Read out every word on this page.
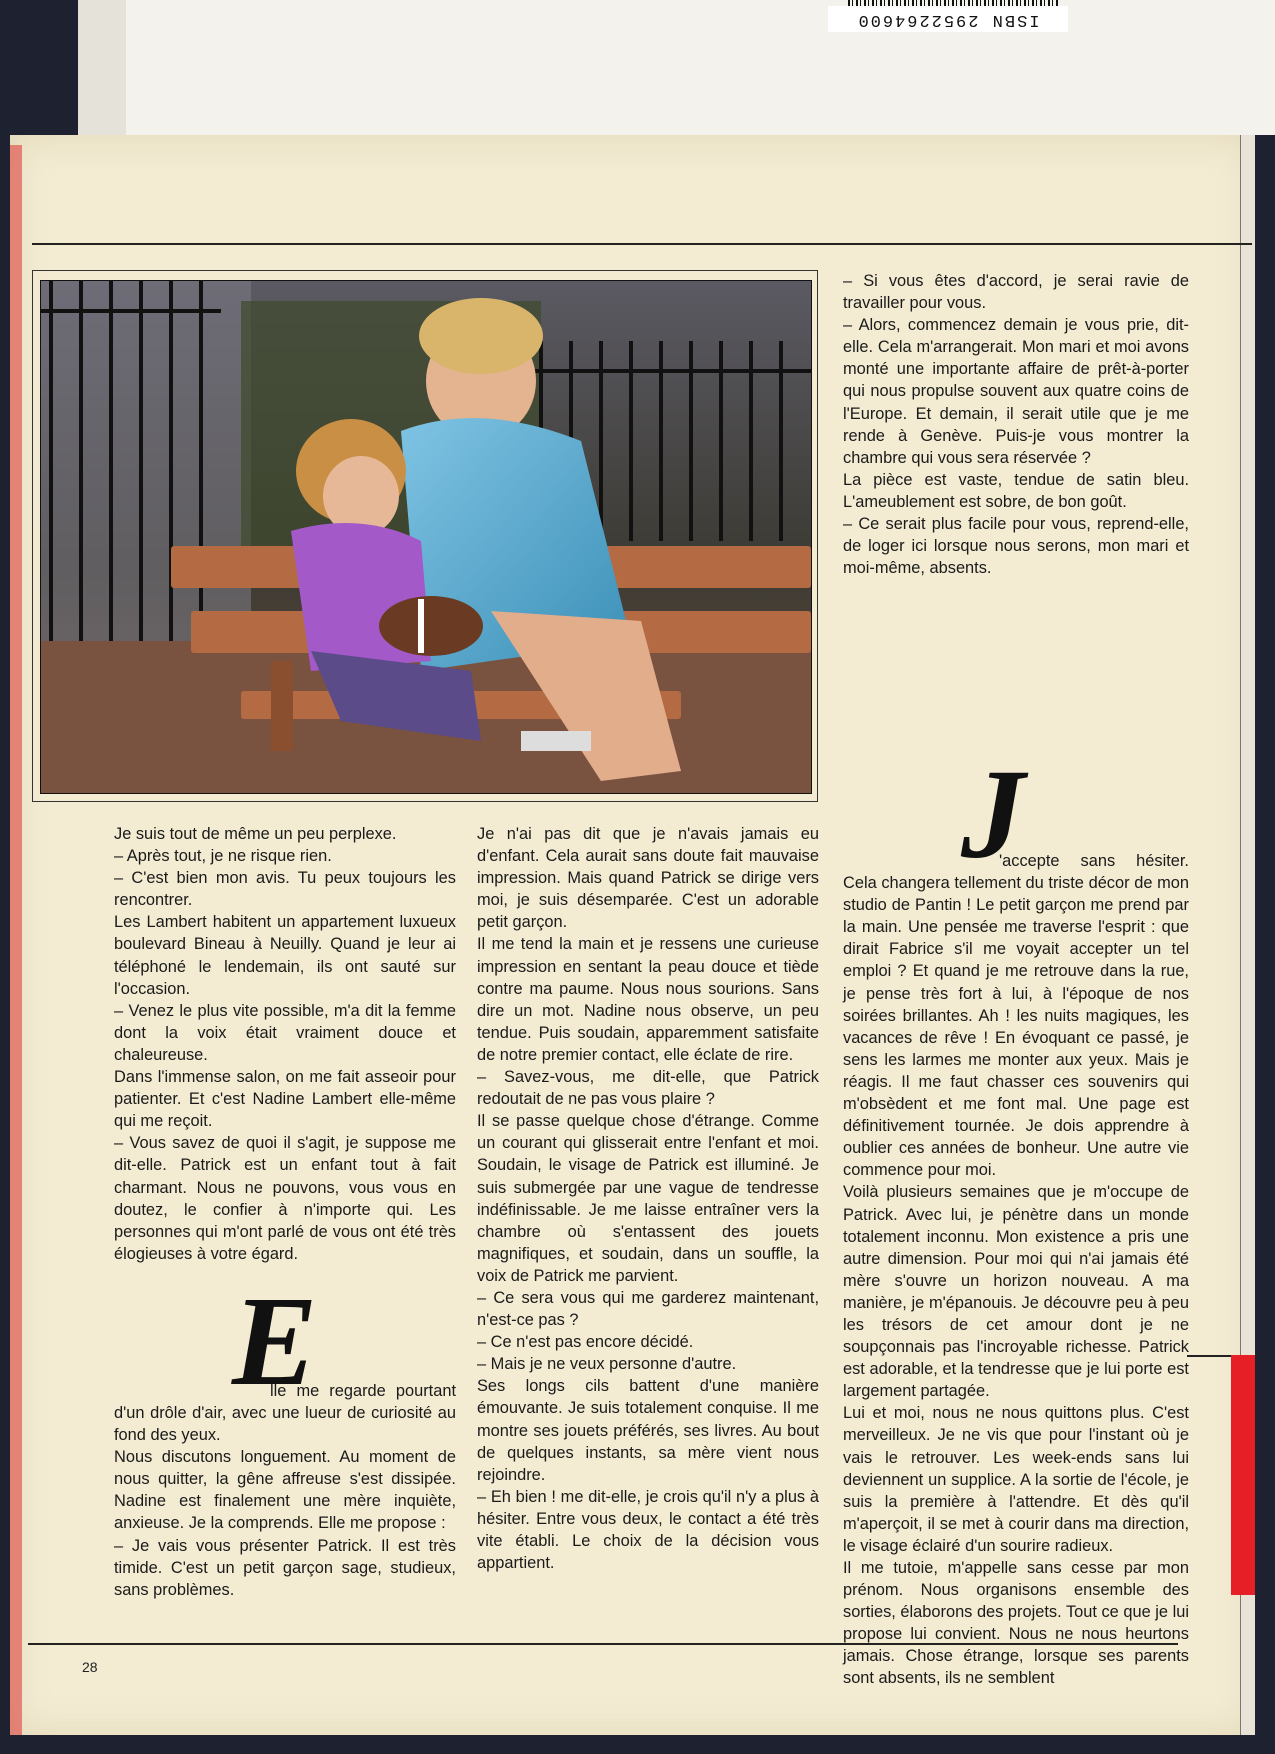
ISBN 2952264600

– Si vous êtes d'accord, je serai ravie de travailler pour vous.

– Alors, commencez demain je vous prie, dit-elle. Cela m'arrangerait. Mon mari et moi avons monté une importante affaire de prêt-à-porter qui nous propulse souvent aux quatre coins de l'Europe. Et demain, il serait utile que je me rende à Genève. Puis-je vous montrer la chambre qui vous sera réservée ?

La pièce est vaste, tendue de satin bleu. L'ameublement est sobre, de bon goût.

– Ce serait plus facile pour vous, reprend-elle, de loger ici lorsque nous serons, mon mari et moi-même, absents.

Je suis tout de même un peu perplexe.

– Après tout, je ne risque rien.

– C'est bien mon avis. Tu peux toujours les rencontrer.

Les Lambert habitent un appartement luxueux boulevard Bineau à Neuilly. Quand je leur ai téléphoné le lendemain, ils ont sauté sur l'occasion.

– Venez le plus vite possible, m'a dit la femme dont la voix était vraiment douce et chaleureuse.

Dans l'immense salon, on me fait asseoir pour patienter. Et c'est Nadine Lambert elle-même qui me reçoit.

– Vous savez de quoi il s'agit, je suppose me dit-elle. Patrick est un enfant tout à fait charmant. Nous ne pouvons, vous vous en doutez, le confier à n'importe qui. Les personnes qui m'ont parlé de vous ont été très élogieuses à votre égard.

E

lle me regarde pourtant d'un drôle d'air, avec une lueur de curiosité au fond des yeux.

Nous discutons longuement. Au moment de nous quitter, la gêne affreuse s'est dissipée. Nadine est finalement une mère inquiète, anxieuse. Je la comprends. Elle me propose :

– Je vais vous présenter Patrick. Il est très timide. C'est un petit garçon sage, studieux, sans problèmes.

Je n'ai pas dit que je n'avais jamais eu d'enfant. Cela aurait sans doute fait mauvaise impression. Mais quand Patrick se dirige vers moi, je suis désemparée. C'est un adorable petit garçon.

Il me tend la main et je ressens une curieuse impression en sentant la peau douce et tiède contre ma paume. Nous nous sourions. Sans dire un mot. Nadine nous observe, un peu tendue. Puis soudain, apparemment satisfaite de notre premier contact, elle éclate de rire.

– Savez-vous, me dit-elle, que Patrick redoutait de ne pas vous plaire ?

Il se passe quelque chose d'étrange. Comme un courant qui glisserait entre l'enfant et moi. Soudain, le visage de Patrick est illuminé. Je suis submergée par une vague de tendresse indéfinissable. Je me laisse entraîner vers la chambre où s'entassent des jouets magnifiques, et soudain, dans un souffle, la voix de Patrick me parvient.

– Ce sera vous qui me garderez maintenant, n'est-ce pas ?

– Ce n'est pas encore décidé.

– Mais je ne veux personne d'autre.

Ses longs cils battent d'une manière émouvante. Je suis totalement conquise. Il me montre ses jouets préférés, ses livres. Au bout de quelques instants, sa mère vient nous rejoindre.

– Eh bien ! me dit-elle, je crois qu'il n'y a plus à hésiter. Entre vous deux, le contact a été très vite établi. Le choix de la décision vous appartient.

J

'accepte sans hésiter. Cela changera tellement du triste décor de mon studio de Pantin ! Le petit garçon me prend par la main. Une pensée me traverse l'esprit : que dirait Fabrice s'il me voyait accepter un tel emploi ? Et quand je me retrouve dans la rue, je pense très fort à lui, à l'époque de nos soirées brillantes. Ah ! les nuits magiques, les vacances de rêve ! En évoquant ce passé, je sens les larmes me monter aux yeux. Mais je réagis. Il me faut chasser ces souvenirs qui m'obsèdent et me font mal. Une page est définitivement tournée. Je dois apprendre à oublier ces années de bonheur. Une autre vie commence pour moi.

Voilà plusieurs semaines que je m'occupe de Patrick. Avec lui, je pénètre dans un monde totalement inconnu. Mon existence a pris une autre dimension. Pour moi qui n'ai jamais été mère s'ouvre un horizon nouveau. A ma manière, je m'épanouis. Je découvre peu à peu les trésors de cet amour dont je ne soupçonnais pas l'incroyable richesse. Patrick est adorable, et la tendresse que je lui porte est largement partagée.

Lui et moi, nous ne nous quittons plus. C'est merveilleux. Je ne vis que pour l'instant où je vais le retrouver. Les week-ends sans lui deviennent un supplice. A la sortie de l'école, je suis la première à l'attendre. Et dès qu'il m'aperçoit, il se met à courir dans ma direction, le visage éclairé d'un sourire radieux.

Il me tutoie, m'appelle sans cesse par mon prénom. Nous organisons ensemble des sorties, élaborons des projets. Tout ce que je lui propose lui convient. Nous ne nous heurtons jamais. Chose étrange, lorsque ses parents sont absents, ils ne semblent

28
